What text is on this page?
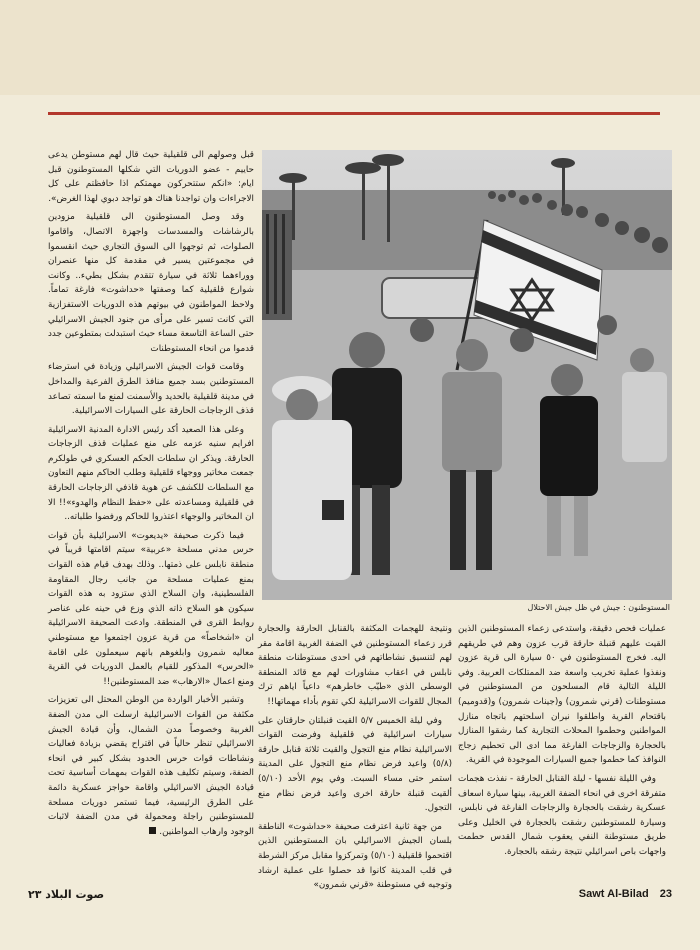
قبل وصولهم الى قلقيلية حيث قال لهم مستوطن يدعى حاييم - عضو الدوريات التي شكلها المستوطنون قبل ايام: «انكم ستتحركون مهمتكم اذا حافظتم على كل الاجراءات وان تواجدنا هناك هو تواجد دبوي لهذا الغرض».

وقد وصل المستوطنون الى قلقيلية مزودين بالرشاشات والمسدسات واجهزة الاتصال، واقاموا الصلوات، ثم توجهوا الى السوق التجاري حيث انقسموا في مجموعتين يسير في مقدمة كل منها عنصران ووراءهما ثلاثة في سيارة تتقدم بشكل بطيء.. وكانت شوارع قلقيلية كما وصفتها «حداشوت» فارغة تماماً. ولاحظ المواطنون في بيوتهم هذه الدوريات الاستفزازية التي كانت تسير على مرأى من جنود الجيش الاسرائيلي حتى الساعة التاسعة مساء حيث استبدلت بمتطوعين جدد قدموا من انحاء المستوطنات

وقامت قوات الجيش الاسرائيلي وزيادة في استرضاء المستوطنين بسد جميع منافذ الطرق الفرعية والمداخل في مدينة قلقيلية بالحديد والأسمنت لمنع ما اسمته تصاعد قذف الزجاجات الحارقة على السيارات الاسرائيلية.

وعلى هذا الصعيد أكد رئيس الادارة المدنية الاسرائيلية افرايم سنيه عزمه على منع عمليات قذف الزجاجات الحارقة. ويذكر ان سلطات الحكم العسكري في طولكرم جمعت مخاتير ووجهاء قلقيلية وطلب الحاكم منهم التعاون مع السلطات للكشف عن هوية قاذفي الزجاجات الحارقة في قلقيلية ومساعدته على «حفظ النظام والهدوء»!! الا ان المخاتير والوجهاء اعتذروا للحاكم ورفضوا طلباته..

فيما ذكرت صحيفة «يديعوت» الاسرائيلية بأن قوات حرس مدني مسلحة «عربية» سيتم اقامتها قريباً في منطقة نابلس على ذمتها.. وذلك بهدف قيام هذه القوات بمنع عمليات مسلحة من جانب رجال المقاومة الفلسطينية، وان السلاح الذي ستزود به هذه القوات سيكون هو السلاح ذاته الذي وزع في حينه على عناصر روابط القرى في المنطقة. وادعت الصحيفة الاسرائيلية ان «اشخاصاً» من قرية عزون اجتمعوا مع مستوطني معاليه شمرون وابلغوهم بانهم سيعملون على اقامة «الحرس» المذكور للقيام بالعمل الدوريات في القرية ومنع اعمال «الارهاب» ضد المستوطنين!!

وتشير الأخبار الواردة من الوطن المحتل الى تعزيزات مكثفة من القوات الاسرائيلية ارسلت الى مدن الضفة الغربية وخصوصاً مدن الشمال، وأن قيادة الجيش الاسرائيلي تنظر حالياً في اقتراح يقضي بزيادة فعاليات ونشاطات قوات حرس الحدود بشكل كبير في انحاء الضفة، وسيتم تكليف هذه القوات بمهمات أساسية تحت قيادة الجيش الاسرائيلي واقامة حواجز عسكرية دائمة على الطرق الرئيسية، فيما تستمر دوريات مسلحة للمستوطنين راجلة ومحمولة في مدن الضفة لاثبات الوجود وارهاب المواطنين.

المستوطنون : جيش في ظل جيش الاحتلال

ونتيجة للهجمات المكثفة بالقنابل الحارقة والحجارة قرر زعماء المستوطنين في الضفة الغربية اقامة مقر لهم لتنسيق نشاطاتهم في احدى مستوطنات منطقة نابلس في اعقاب مشاورات لهم مع قائد المنطقة الوسطى الذي «طيّب خاطرهم» داعياً اياهم ترك المجال للقوات الاسرائيلية لكي تقوم بأداء مهماتها!!

وفي ليلة الخميس ٥/٧ القيت قنبلتان حارقتان على سيارات اسرائيلية في قلقيلية وفرضت القوات الاسرائيلية نظام منع التجول والقيت ثلاثة قنابل حارقة (٥/٨) واعيد فرض نظام منع التجول على المدينة استمر حتى مساء السبت. وفي يوم الأحد (٥/١٠) ألقيت قنبلة حارقة اخرى واعيد فرض نظام منع التجول.

من جهة ثانية اعترفت صحيفة «حداشوت» الناطقة بلسان الجيش الاسرائيلي بان المستوطنين الذين اقتحموا قلقيلية (٥/١٠) وتمركزوا مقابل مركز الشرطة في قلب المدينة كانوا قد حصلوا على عملية ارشاد وتوجيه في مستوطنة «قرني شمرون»

عمليات فحص دقيقة، واستدعى زعماء المستوطنين الذين القيت عليهم قنبلة حارقة قرب عزون وهم في طريقهم اليه. فخرج المستوطنون في ٥٠ سيارة الى قرية عزون ونفذوا عملية تخريب واسعة ضد الممتلكات العربية. وفي الليلة التالية قام المسلحون من المستوطنين في مستوطنات (قرني شمرون) و(جينات شمرون) و(قدوميم) باقتحام القرية واطلقوا نيران اسلحتهم باتجاه منازل المواطنين وحطموا المحلات التجارية كما رشقوا المنازل بالحجارة والزجاجات الفارغة مما ادى الى تحطيم زجاج النوافذ كما حطموا جميع السيارات الموجودة في القرية.

وفي الليلة نفسها - ليلة القنابل الحارقة - نفذت هجمات متفرقة اخرى في انحاء الضفة الغربية، بينها سيارة اسعاف عسكرية رشقت بالحجارة والزجاجات الفارغة في نابلس، وسيارة للمستوطنين رشقت بالحجارة في الخليل وعلى طريق مستوطنة النفي يعقوب شمال القدس حطمت واجهات باص اسرائيلي نتيجة رشقه بالحجارة.

صوت البلاد ٢٣	Sawt Al-Bilad 23
